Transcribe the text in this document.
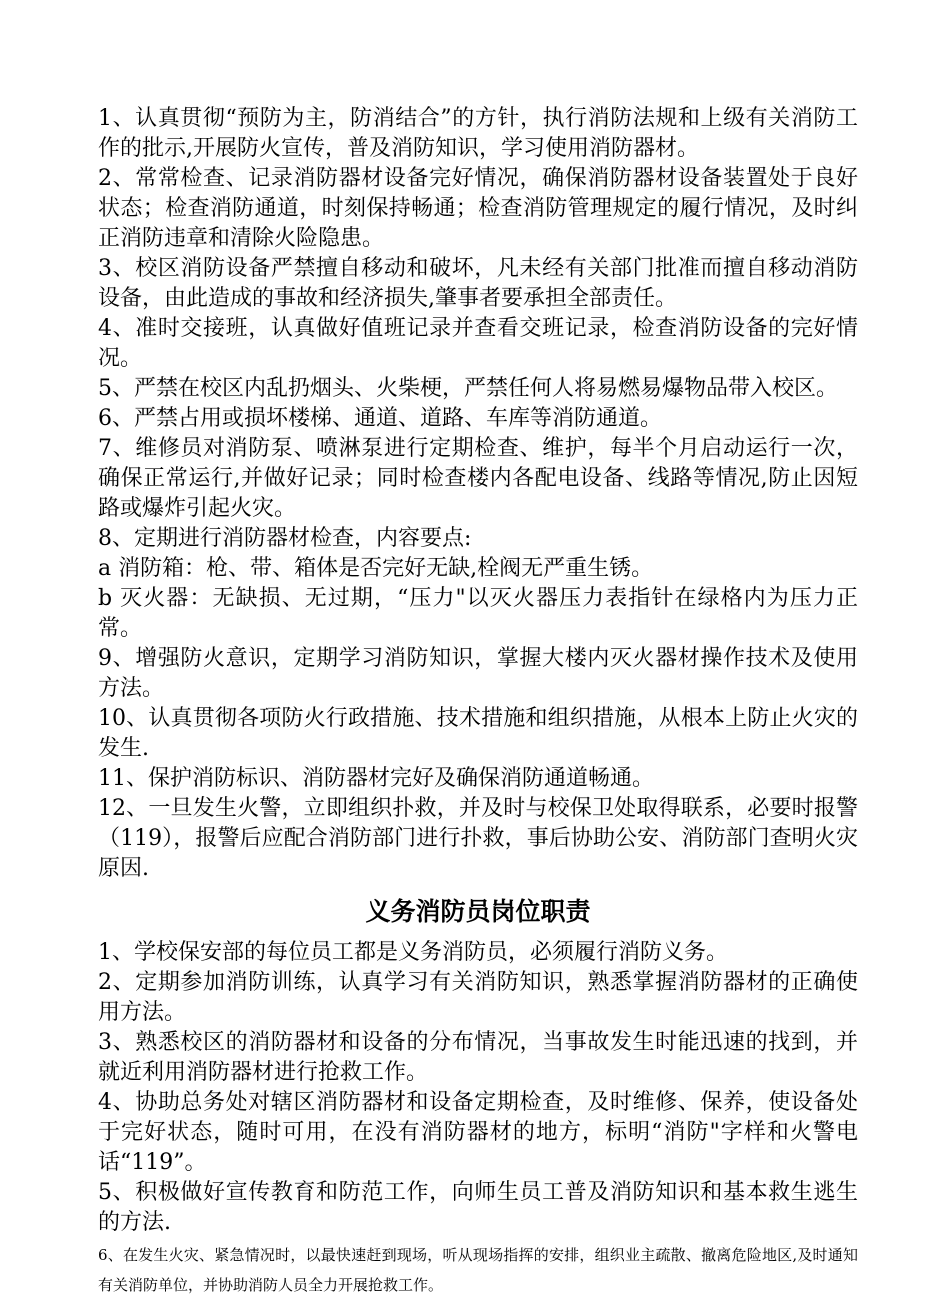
1、认真贯彻“预防为主，防消结合”的方针，执行消防法规和上级有关消防工作的批示,开展防火宣传，普及消防知识，学习使用消防器材。

2、常常检查、记录消防器材设备完好情况，确保消防器材设备装置处于良好状态；检查消防通道，时刻保持畅通；检查消防管理规定的履行情况，及时纠正消防违章和清除火险隐患。

3、校区消防设备严禁擅自移动和破坏，凡未经有关部门批准而擅自移动消防设备，由此造成的事故和经济损失,肇事者要承担全部责任。

4、准时交接班，认真做好值班记录并查看交班记录，检查消防设备的完好情况。

5、严禁在校区内乱扔烟头、火柴梗，严禁任何人将易燃易爆物品带入校区。

6、严禁占用或损坏楼梯、通道、道路、车库等消防通道。

7、维修员对消防泵、喷淋泵进行定期检查、维护，每半个月启动运行一次，确保正常运行,并做好记录；同时检查楼内各配电设备、线路等情况,防止因短路或爆炸引起火灾。

8、定期进行消防器材检查，内容要点:

a 消防箱：枪、带、箱体是否完好无缺,栓阀无严重生锈。

b 灭火器：无缺损、无过期，“压力"以灭火器压力表指针在绿格内为压力正常。

9、增强防火意识，定期学习消防知识，掌握大楼内灭火器材操作技术及使用方法。

10、认真贯彻各项防火行政措施、技术措施和组织措施，从根本上防止火灾的发生.

11、保护消防标识、消防器材完好及确保消防通道畅通。

12、一旦发生火警，立即组织扑救，并及时与校保卫处取得联系，必要时报警（119），报警后应配合消防部门进行扑救，事后协助公安、消防部门查明火灾原因.

义务消防员岗位职责

1、学校保安部的每位员工都是义务消防员，必须履行消防义务。

2、定期参加消防训练，认真学习有关消防知识，熟悉掌握消防器材的正确使用方法。

3、熟悉校区的消防器材和设备的分布情况，当事故发生时能迅速的找到，并就近利用消防器材进行抢救工作。

4、协助总务处对辖区消防器材和设备定期检查，及时维修、保养，使设备处于完好状态，随时可用，在没有消防器材的地方，标明“消防"字样和火警电话“119”。

5、积极做好宣传教育和防范工作，向师生员工普及消防知识和基本救生逃生的方法.

6、在发生火灾、紧急情况时，以最快速赶到现场，听从现场指挥的安排，组织业主疏散、撤离危险地区,及时通知有关消防单位，并协助消防人员全力开展抢救工作。
